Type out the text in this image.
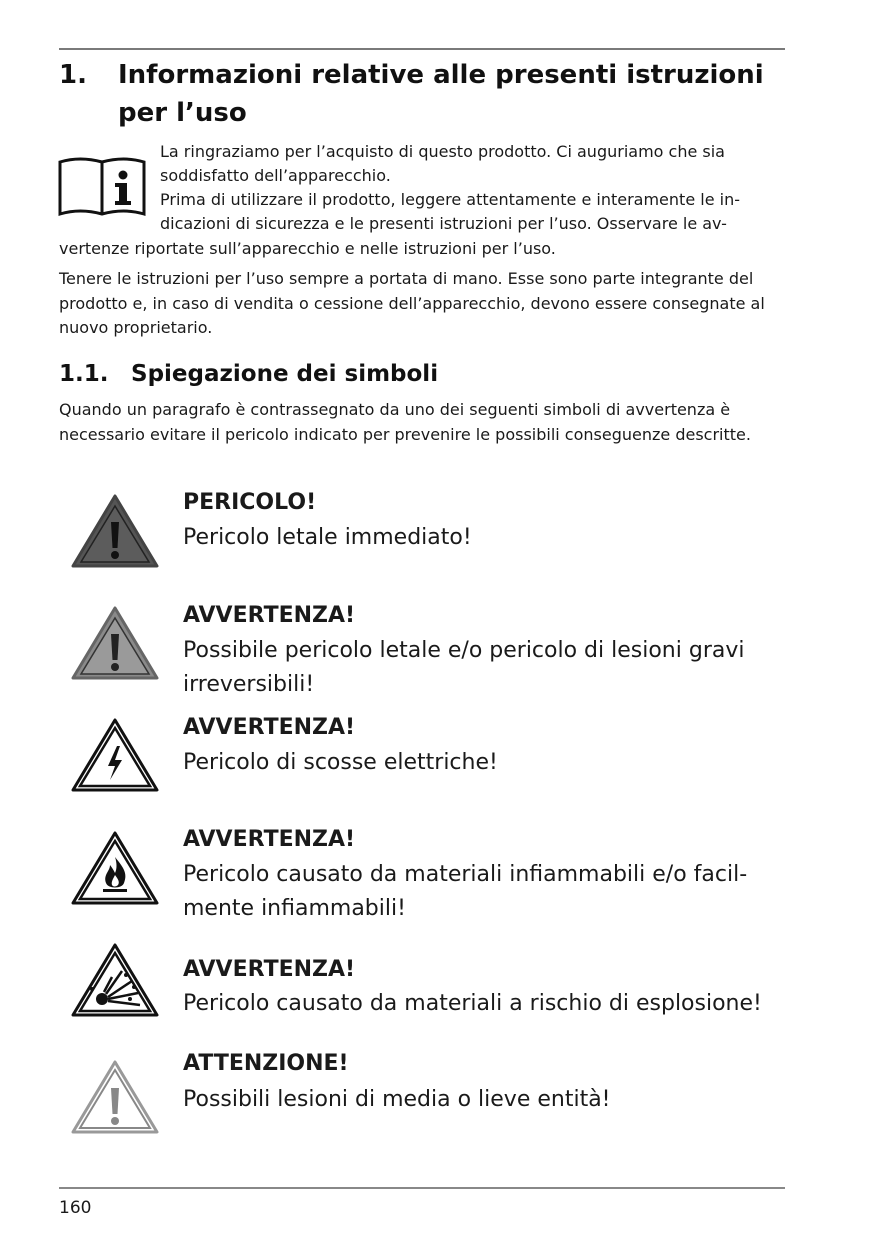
1. Informazioni relative alle presenti istruzioni per l’uso
La ringraziamo per l’acquisto di questo prodotto. Ci auguriamo che sia soddisfatto dell’apparecchio.
Prima di utilizzare il prodotto, leggere attentamente e interamente le indicazioni di sicurezza e le presenti istruzioni per l’uso. Osservare le av-
vertenze riportate sull’apparecchio e nelle istruzioni per l’uso.
Tenere le istruzioni per l’uso sempre a portata di mano. Esse sono parte integrante del prodotto e, in caso di vendita o cessione dell’apparecchio, devono essere consegnate al nuovo proprietario.
1.1. Spiegazione dei simboli
Quando un paragrafo è contrassegnato da uno dei seguenti simboli di avvertenza è necessario evitare il pericolo indicato per prevenire le possibili conseguenze descritte.
PERICOLO!
Pericolo letale immediato!
AVVERTENZA!
Possibile pericolo letale e/o pericolo di lesioni gravi irreversibili!
AVVERTENZA!
Pericolo di scosse elettriche!
AVVERTENZA!
Pericolo causato da materiali infiammabili e/o facilmente infiammabili!
AVVERTENZA!
Pericolo causato da materiali a rischio di esplosione!
ATTENZIONE!
Possibili lesioni di media o lieve entità!
160
